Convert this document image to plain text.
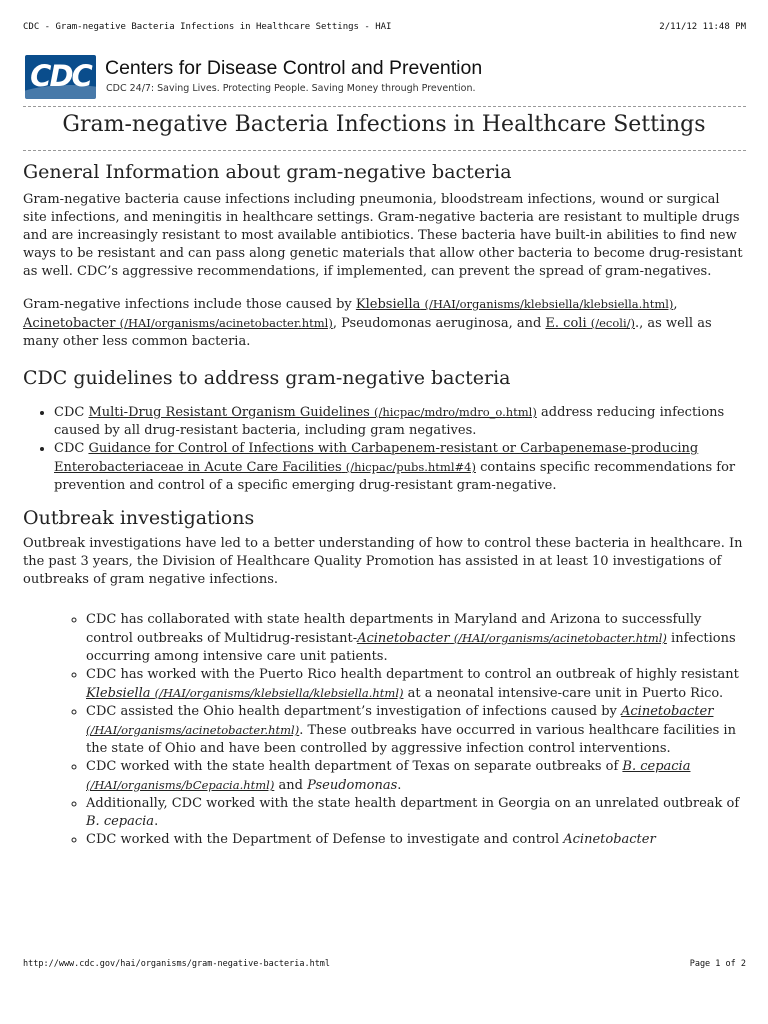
CDC - Gram-negative Bacteria Infections in Healthcare Settings - HAI	2/11/12 11:48 PM
CDC Centers for Disease Control and Prevention
CDC 24/7: Saving Lives. Protecting People. Saving Money through Prevention.
Gram-negative Bacteria Infections in Healthcare Settings
General Information about gram-negative bacteria

Gram-negative bacteria cause infections including pneumonia, bloodstream infections, wound or surgical site infections, and meningitis in healthcare settings. Gram-negative bacteria are resistant to multiple drugs and are increasingly resistant to most available antibiotics. These bacteria have built-in abilities to find new ways to be resistant and can pass along genetic materials that allow other bacteria to become drug-resistant as well. CDC’s aggressive recommendations, if implemented, can prevent the spread of gram-negatives.

Gram-negative infections include those caused by Klebsiella (/HAI/organisms/klebsiella/klebsiella.html), Acinetobacter (/HAI/organisms/acinetobacter.html), Pseudomonas aeruginosa, and E. coli (/ecoli/)., as well as many other less common bacteria.

CDC guidelines to address gram-negative bacteria
• CDC Multi-Drug Resistant Organism Guidelines (/hicpac/mdro/mdro_o.html) address reducing infections caused by all drug-resistant bacteria, including gram negatives.
• CDC Guidance for Control of Infections with Carbapenem-resistant or Carbapenemase-producing Enterobacteriaceae in Acute Care Facilities (/hicpac/pubs.html#4) contains specific recommendations for prevention and control of a specific emerging drug-resistant gram-negative.
Outbreak investigations

Outbreak investigations have led to a better understanding of how to control these bacteria in healthcare. In the past 3 years, the Division of Healthcare Quality Promotion has assisted in at least 10 investigations of outbreaks of gram negative infections.

◦ CDC has collaborated with state health departments in Maryland and Arizona to successfully control outbreaks of Multidrug-resistant-Acinetobacter (/HAI/organisms/acinetobacter.html) infections occurring among intensive care unit patients.
◦ CDC has worked with the Puerto Rico health department to control an outbreak of highly resistant Klebsiella (/HAI/organisms/klebsiella/klebsiella.html) at a neonatal intensive-care unit in Puerto Rico.
◦ CDC assisted the Ohio health department’s investigation of infections caused by Acinetobacter (/HAI/organisms/acinetobacter.html). These outbreaks have occurred in various healthcare facilities in the state of Ohio and have been controlled by aggressive infection control interventions.
◦ CDC worked with the state health department of Texas on separate outbreaks of B. cepacia (/HAI/organisms/bCepacia.html) and Pseudomonas.
◦ Additionally, CDC worked with the state health department in Georgia on an unrelated outbreak of B. cepacia.
◦ CDC worked with the Department of Defense to investigate and control Acinetobacter
http://www.cdc.gov/hai/organisms/gram-negative-bacteria.html	Page 1 of 2
